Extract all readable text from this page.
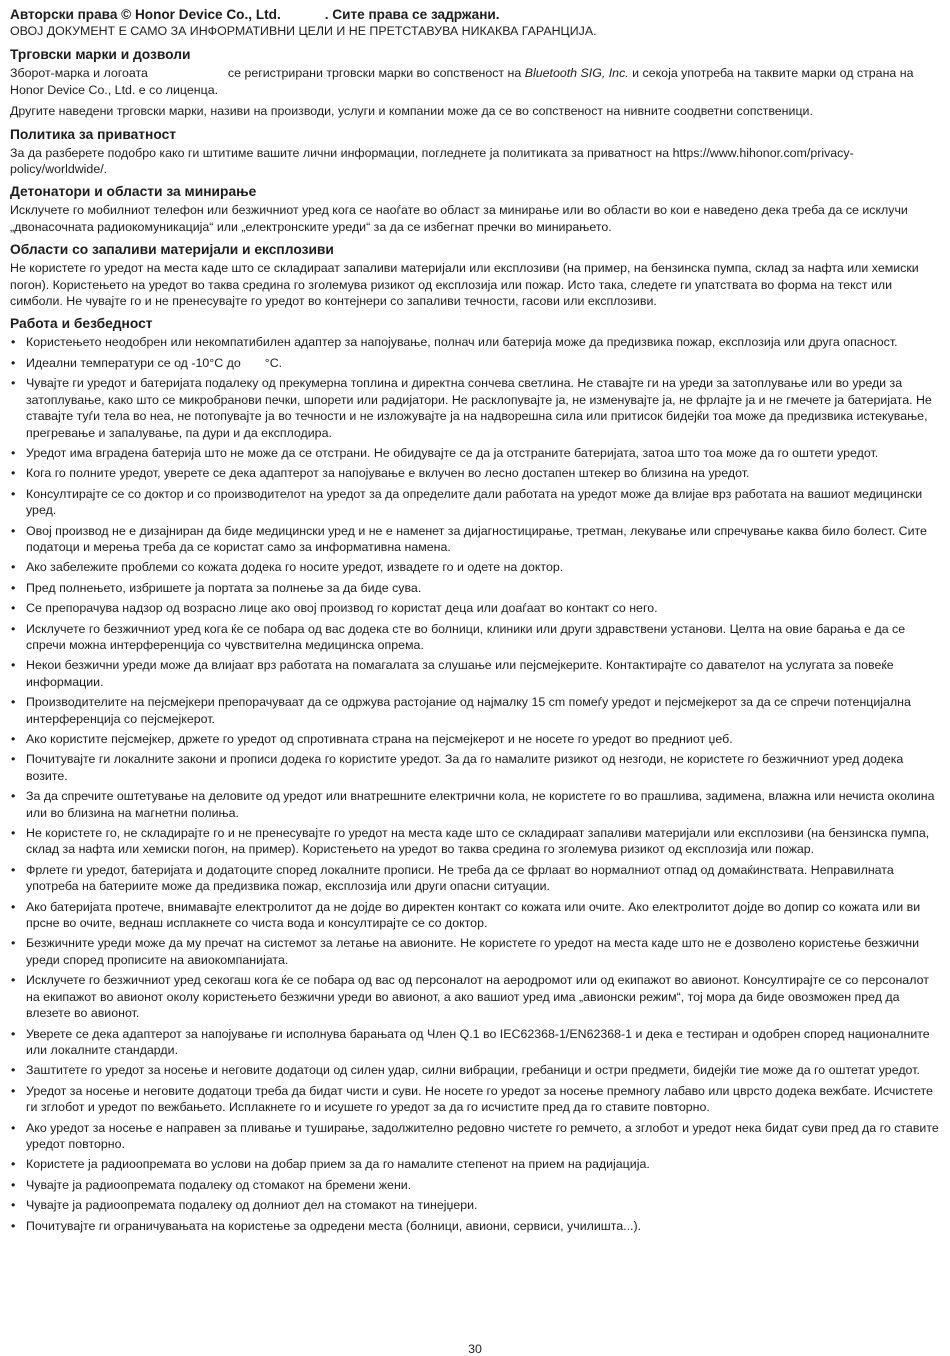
Авторски права © Honor Device Co., Ltd.	. Сите права се задржани.

ОВОЈ ДОКУМЕНТ Е САМО ЗА ИНФОРМАТИВНИ ЦЕЛИ И НЕ ПРЕТСТАВУВА НИКАКВА ГАРАНЦИЈА.

Трговски марки и дозволи

Зборот-марка и логоата	се регистрирани трговски марки во сопственост на Bluetooth SIG, Inc. и секоја употреба на таквите марки од страна на Honor Device Co., Ltd. е со лиценца.

Другите наведени трговски марки, називи на производи, услуги и компании може да се во сопственост на нивните соодветни сопственици.

Политика за приватност

За да разберете подобро како ги штитиме вашите лични информации, погледнете ја политиката за приватност на https://www.hihonor.com/privacy-policy/worldwide/.

Детонатори и области за минирање

Исклучете го мобилниот телефон или безжичниот уред кога се наоѓате во област за минирање или во области во кои е наведено дека треба да се исклучи „двонасочната радиокомуникација“ или „електронските уреди“ за да се избегнат пречки во минирањето.

Области со запаливи материјали и експлозиви

Не користете го уредот на места каде што се складираат запаливи материјали или експлозиви (на пример, на бензинска пумпа, склад за нафта или хемиски погон). Користењето на уредот во таква средина го зголемува ризикот од експлозија или пожар. Исто така, следете ги упатствата во форма на текст или симболи. Не чувајте го и не пренесувајте го уредот во контејнери со запаливи течности, гасови или експлозиви.

Работа и безбедност
• Користењето неодобрен или некомпатибилен адаптер за напојување, полнач или батерија може да предизвика пожар, експлозија или друга опасност.
• Идеални температури се од -10°C до °C.
• Чувајте ги уредот и батеријата подалеку од прекумерна топлина и директна сончева светлина. Не ставајте ги на уреди за затоплување или во уреди за затоплување, како што се микробранови печки, шпорети или радијатори. Не расклопувајте ја, не изменувајте ја, не фрлајте ја и не гмечете ја батеријата. Не ставајте туѓи тела во неа, не потопувајте ја во течности и не изложувајте ја на надворешна сила или притисок бидејќи тоа може да предизвика истекување, прегревање и запалување, па дури и да експлодира.
• Уредот има вградена батерија што не може да се отстрани. Не обидувајте се да ја отстраните батеријата, затоа што тоа може да го оштети уредот.
• Кога го полните уредот, уверете се дека адаптерот за напојување е вклучен во лесно достапен штекер во близина на уредот.
• Консултирајте се со доктор и со производителот на уредот за да определите дали работата на уредот може да влијае врз работата на вашиот медицински уред.
• Овој производ не е дизајниран да биде медицински уред и не е наменет за дијагностицирање, третман, лекување или спречување каква било болест. Сите податоци и мерења треба да се користат само за информативна намена.
• Ако забележите проблеми со кожата додека го носите уредот, извадете го и одете на доктор.
• Пред полнењето, избришете ја портата за полнење за да биде сува.
• Се препорачува надзор од возрасно лице ако овој производ го користат деца или доаѓаат во контакт со него.
• Исклучете го безжичниот уред кога ќе се побара од вас додека сте во болници, клиники или други здравствени установи. Целта на овие барања е да се спречи можна интерференција со чувствителна медицинска опрема.
• Некои безжични уреди може да влијаат врз работата на помагалата за слушање или пејсмејкерите. Контактирајте со давателот на услугата за повеќе информации.
• Производителите на пејсмејкери препорачуваат да се одржува растојание од најмалку 15 cm помеѓу уредот и пејсмејкерот за да се спречи потенцијална интерференција со пејсмејкерот.
• Ако користите пејсмејкер, држете го уредот од спротивната страна на пејсмејкерот и не носете го уредот во предниот џеб.
• Почитувајте ги локалните закони и прописи додека го користите уредот. За да го намалите ризикот од незгоди, не користете го безжичниот уред додека возите.
• За да спречите оштетување на деловите од уредот или внатрешните електрични кола, не користете го во прашлива, задимена, влажна или нечиста околина или во близина на магнетни полиња.
• Не користете го, не складирајте го и не пренесувајте го уредот на места каде што се складираат запаливи материјали или експлозиви (на бензинска пумпа, склад за нафта или хемиски погон, на пример). Користењето на уредот во таква средина го зголемува ризикот од експлозија или пожар.
• Фрлете ги уредот, батеријата и додатоците според локалните прописи. Не треба да се фрлаат во нормалниот отпад од домаќинствата. Неправилната употреба на батериите може да предизвика пожар, експлозија или други опасни ситуации.
• Ако батеријата протече, внимавајте електролитот да не дојде во директен контакт со кожата или очите. Ако електролитот дојде во допир со кожата или ви прсне во очите, веднаш исплакнете со чиста вода и консултирајте се со доктор.
• Безжичните уреди може да му пречат на системот за летање на авионите. Не користете го уредот на места каде што не е дозволено користење безжични уреди според прописите на авиокомпанијата.
• Исклучете го безжичниот уред секогаш кога ќе се побара од вас од персоналот на аеродромот или од екипажот во авионот. Консултирајте се со персоналот на екипажот во авионот околу користењето безжични уреди во авионот, а ако вашиот уред има „авионски режим“, тој мора да биде овозможен пред да влезете во авионот.
• Уверете се дека адаптерот за напојување ги исполнува барањата од Член Q.1 во IEC62368-1/EN62368-1 и дека е тестиран и одобрен според националните или локалните стандарди.
• Заштитете го уредот за носење и неговите додатоци од силен удар, силни вибрации, гребаници и остри предмети, бидејќи тие може да го оштетат уредот.
• Уредот за носење и неговите додатоци треба да бидат чисти и суви. Не носете го уредот за носење премногу лабаво или цврсто додека вежбате. Исчистете ги зглобот и уредот по вежбањето. Исплакнете го и исушете го уредот за да го исчистите пред да го ставите повторно.
• Ако уредот за носење е направен за пливање и туширање, задолжително редовно чистете го ремчето, а зглобот и уредот нека бидат суви пред да го ставите уредот повторно.
• Користете ја радиоопремата во услови на добар прием за да го намалите степенот на прием на радијација.
• Чувајте ја радиоопремата подалеку од стомакот на бремени жени.
• Чувајте ја радиоопремата подалеку од долниот дел на стомакот на тинејџери.
• Почитувајте ги ограничувањата на користење за одредени места (болници, авиони, сервиси, училишта...).
30
